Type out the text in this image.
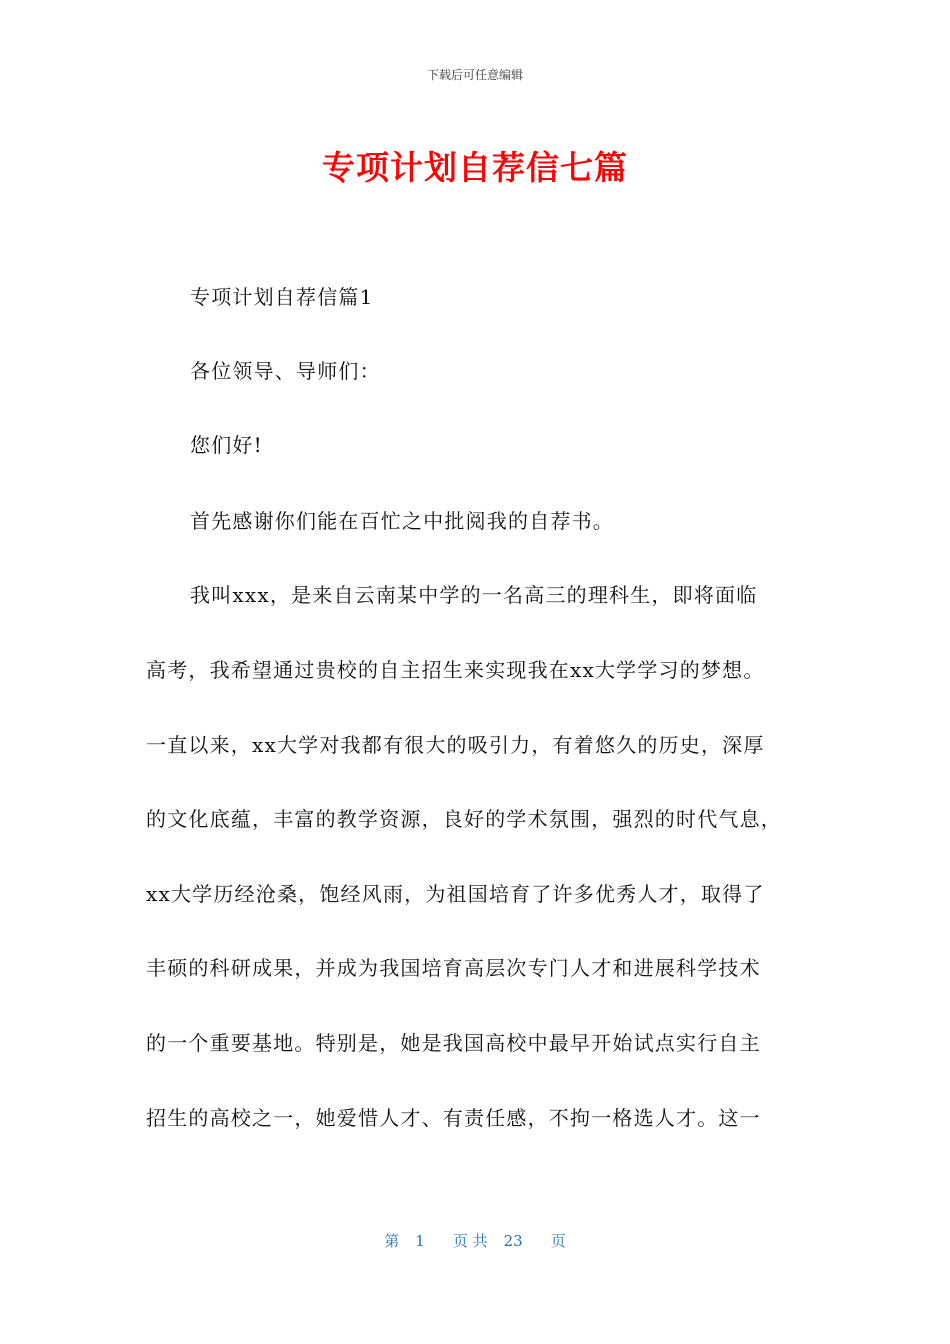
下载后可任意编辑
专项计划自荐信七篇
专项计划自荐信篇1
各位领导、导师们：
您们好!
首先感谢你们能在百忙之中批阅我的自荐书。
我叫xxx，是来自云南某中学的一名高三的理科生，即将面临
高考，我希望通过贵校的自主招生来实现我在xx大学学习的梦想。
一直以来，xx大学对我都有很大的吸引力，有着悠久的历史，深厚
的文化底蕴，丰富的教学资源，良好的学术氛围，强烈的时代气息，
xx大学历经沧桑，饱经风雨，为祖国培育了许多优秀人才，取得了
丰硕的科研成果，并成为我国培育高层次专门人才和进展科学技术
的一个重要基地。特别是，她是我国高校中最早开始试点实行自主
招生的高校之一，她爱惜人才、有责任感，不拘一格选人才。这一
第 1 页 共 23 页
